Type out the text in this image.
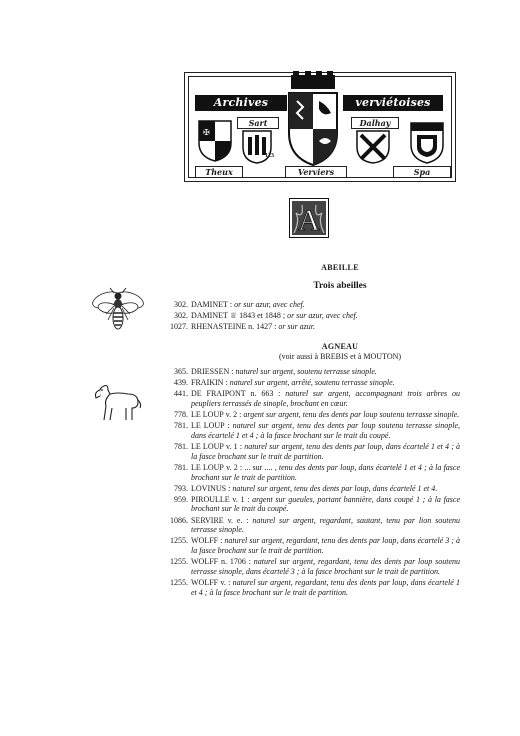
Archives	verviétoises
Sart	Dalhay
Theux	Verviers	Spa
✠
123
A
ABEILLE
Trois abeilles
302. DAMINET : or sur azur, avec chef.
302. DAMINET ♕ 1843 et 1848 ; or sur azur, avec chef.
1027. RHENASTEINE n. 1427 : or sur azur.
AGNEAU
(voir aussi à BREBIS et à MOUTON)
365. DRIESSEN : naturel sur argent, soutenu terrasse sinople.
439. FRAIKIN : naturel sur argent, arrêté, soutenu terrasse sinople.
441. DE FRAIPONT n. 663 : naturel sur argent, accompagnant trois arbres ou peupliers terrassés de sinople, brochant en cœur.
778. LE LOUP v. 2 : argent sur argent, tenu des dents par loup soutenu terrasse sinople.
781. LE LOUP : naturel sur argent, tenu des dents par loup soutenu terrasse sinople, dans écartelé 1 et 4 ; à la fasce brochant sur le trait du coupé.
781. LE LOUP v. 1 : naturel sur argent, tenu des dents par loup, dans écartelé 1 et 4 ; à la fasce brochant sur le trait de partition.
781. LE LOUP v. 2 : ... sur .... , tenu des dents par loup, dans écartelé 1 et 4 ; à la fasce brochant sur le trait de partition.
793. LOVINUS : naturel sur argent, tenu des dents par loup, dans écartelé 1 et 4.
959. PIROULLE v. 1 : argent sur gueules, portant bannière, dans coupé 1 ; à la fasce brochant sur le trait du coupé.
1086. SERVIRE v. e. : naturel sur argent, regardant, sautant, tenu par lion soutenu terrasse sinople.
1255. WOLFF : naturel sur argent, regardant, tenu des dents par loup, dans écartelé 3 ; à la fasce brochant sur le trait de partition.
1255. WOLFF n. 1706 : naturel sur argent, regardant, tenu des dents par loup soutenu terrasse sinople, dans écartelé 3 ; à la fasce brochant sur le trait de partition.
1255. WOLFF v. : naturel sur argent, regardant, tenu des dents par loup, dans écartelé 1 et 4 ; à la fasce brochant sur le trait de partition.
